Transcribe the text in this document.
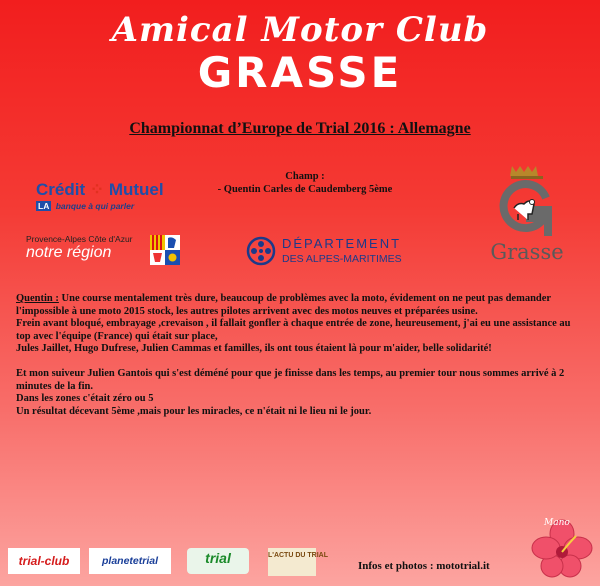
Amical Motor Club
GRASSE
Championnat d’Europe de Trial 2016 : Allemagne
Champ :
- Quentin Carles de Caudemberg 5ème
Crédit ⁘ Mutuel
LA banque à qui parler
Provence-Alpes Côte d'Azur
notre région
DÉPARTEMENT
DES ALPES-MARITIMES	Grasse

Quentin : Une course mentalement très dure, beaucoup de problèmes avec la moto, évidement on ne peut pas demander l'impossible à une moto 2015 stock, les autres pilotes arrivent avec des motos neuves et préparées usine.

Frein avant bloqué, embrayage ,crevaison , il fallait gonfler à chaque entrée de zone, heureusement, j'ai eu une assistance au top avec l'équipe (France) qui était sur place,

Jules Jaillet, Hugo Dufrese, Julien Cammas et familles, ils ont tous étaient là pour m'aider, belle solidarité!

Et mon suiveur Julien Gantois qui s'est déméné pour que je finisse dans les temps, au premier tour nous sommes arrivé à 2 minutes de la fin.

Dans les zones c'était zéro ou 5

Un résultat décevant 5ème ,mais pour les miracles, ce n'était ni le lieu ni le jour.

trial-club	planetetrial	trial	L'ACTU DU TRIAL
Infos et photos : mototrial.it
Mano
